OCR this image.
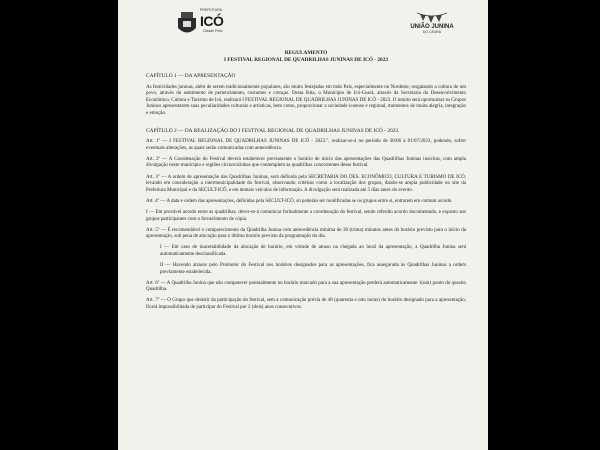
PREFEITURA
ICÓ
Cidade Feliz
UNIÃO JUNINA
DO CEARÁ

REGULAMENTO

I FESTIVAL REGIONAL DE QUADRILHAS JUNINAS DE ICÓ - 2023

CAPÍTULO 1 — DA APRESENTAÇÃO

As festividades juninas, além de serem tradicionalmente populares, são muito festejadas em todo País, especialmente no Nordeste, resgatando a cultura de um povo, através do sentimento de pertencimento, costumes e crenças. Desta feita, o Município de Icó-Ceará, através da Secretaria do Desenvolvimento Econômico, Cultura e Turismo de Icó, realizará I FESTIVAL REGIONAL DE QUADRILHAS JUNINAS DE ICÓ - 2023. O intuito será oportunizar os Grupos Juninos apresentarem suas peculiaridades culturais e artísticas, bem como, proporcionar a sociedade icoense e regional, momentos de muita alegria, integração e emoção.

CAPÍTULO 2 — DA REALIZAÇÃO DO I FESTIVAL REGIONAL DE QUADRILHAS JUNINAS DE ICÓ - 2023.

Art. 1º — I FESTIVAL REGIONAL DE QUADRILHAS JUNINAS DE ICÓ - 2023.", realizar-se-á no período de 30/06 à 01/07/2023, podendo, sofrer eventuais alterações, as quais serão comunicadas com antecedência.

Art. 2º — A Coordenação do Festival deverá estabelecer previamente o horário de início das apresentações das Quadrilhas Juninas inscritas, com ampla divulgação neste município e regiões circunvizinhas que contemplem as quadrilhas concorrentes desse festival.

Art. 3º — A ordem de apresentação das Quadrilhas Juninas, será definida pela SECRETARIA DO DES. ECONÔMICO, CULTURA E TURISMO DE ICÓ, levando em consideração a intermunicipalidade do festival, observando critérios como a localização dos grupos, dando-se ampla publicidade no site da Prefeitura Municipal e da SECULT-ICÓ, e em demais veículos de informação. A divulgação será realizada até 5 dias antes do evento.

Art. 4º — A data e ordem das apresentações, definidas pela SECULT-ICÓ, só poderão ser modificadas se os grupos entre si, entrarem em comum acordo.

I — Em provável acordo entre as quadrilhas, dever-se-á comunicar formalmente a coordenação do festival, sendo referido acordo documentado, e exposto aos grupos participantes com o fornecimento de cópia.

Art. 5º — É recomendável o comparecimento da Quadrilha Junina com antecedência mínima de 30 (trinta) minutos antes do horário previsto para o início da apresentação, sob pena de alocação para o último horário previsto da programação do dia.

I — Em caso de inaceitabilidade da alocação de horário, em virtude de atraso na chegada ao local da apresentação, a Quadrilha Junina será automaticamente desclassificada.

II — Havendo atrasos pelo Promotor do Festival nos horários designados para as apresentações, fica assegurada às Quadrilhas Juninas a ordem previamente estabelecida.

Art. 6º — A Quadrilha Junina que não comparecer pontualmente no horário marcado para a sua apresentação perderá automaticamente 1(um) ponto do quesito Quadrilha.

Art. 7º — O Grupo que desistir da participação do festival, sem a comunicação prévia de 48 (quarenta e oito horas) do horário designado para a apresentação, ficará impossibilitada de participar do Festival por 2 (dois) anos consecutivos.
